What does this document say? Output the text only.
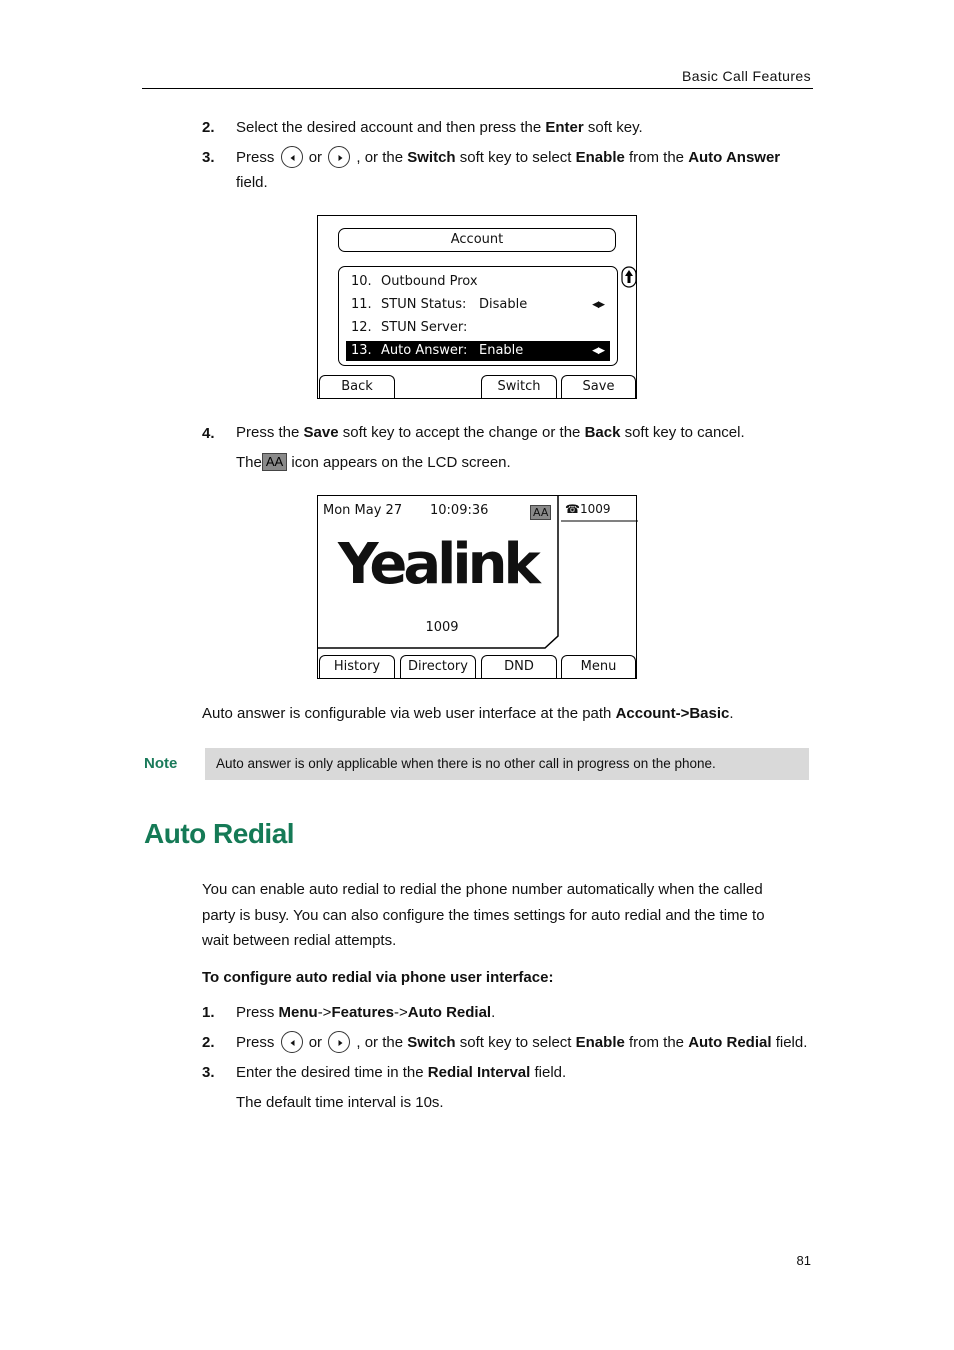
Basic Call Features
2. Select the desired account and then press the Enter soft key.
3. Press or , or the Switch soft key to select Enable from the Auto Answer
field.
Account
10. Outbound Prox
11. STUN Status: Disable	◀▶
12. STUN Server:
13. Auto Answer: Enable	◀▶
Back	Switch	Save
4. Press the Save soft key to accept the change or the Back soft key to cancel.
The AA icon appears on the LCD screen.
Mon May 27 10:09:36	AA ☎1009
Yealink
1009
History	Directory	DND	Menu
Auto answer is configurable via web user interface at the path Account->Basic.
Note	Auto answer is only applicable when there is no other call in progress on the phone.
Auto Redial
You can enable auto redial to redial the phone number automatically when the called
party is busy. You can also configure the times settings for auto redial and the time to
wait between redial attempts.
To configure auto redial via phone user interface:
1. Press Menu->Features->Auto Redial.
2. Press or , or the Switch soft key to select Enable from the Auto Redial field.
3. Enter the desired time in the Redial Interval field.
The default time interval is 10s.
81
